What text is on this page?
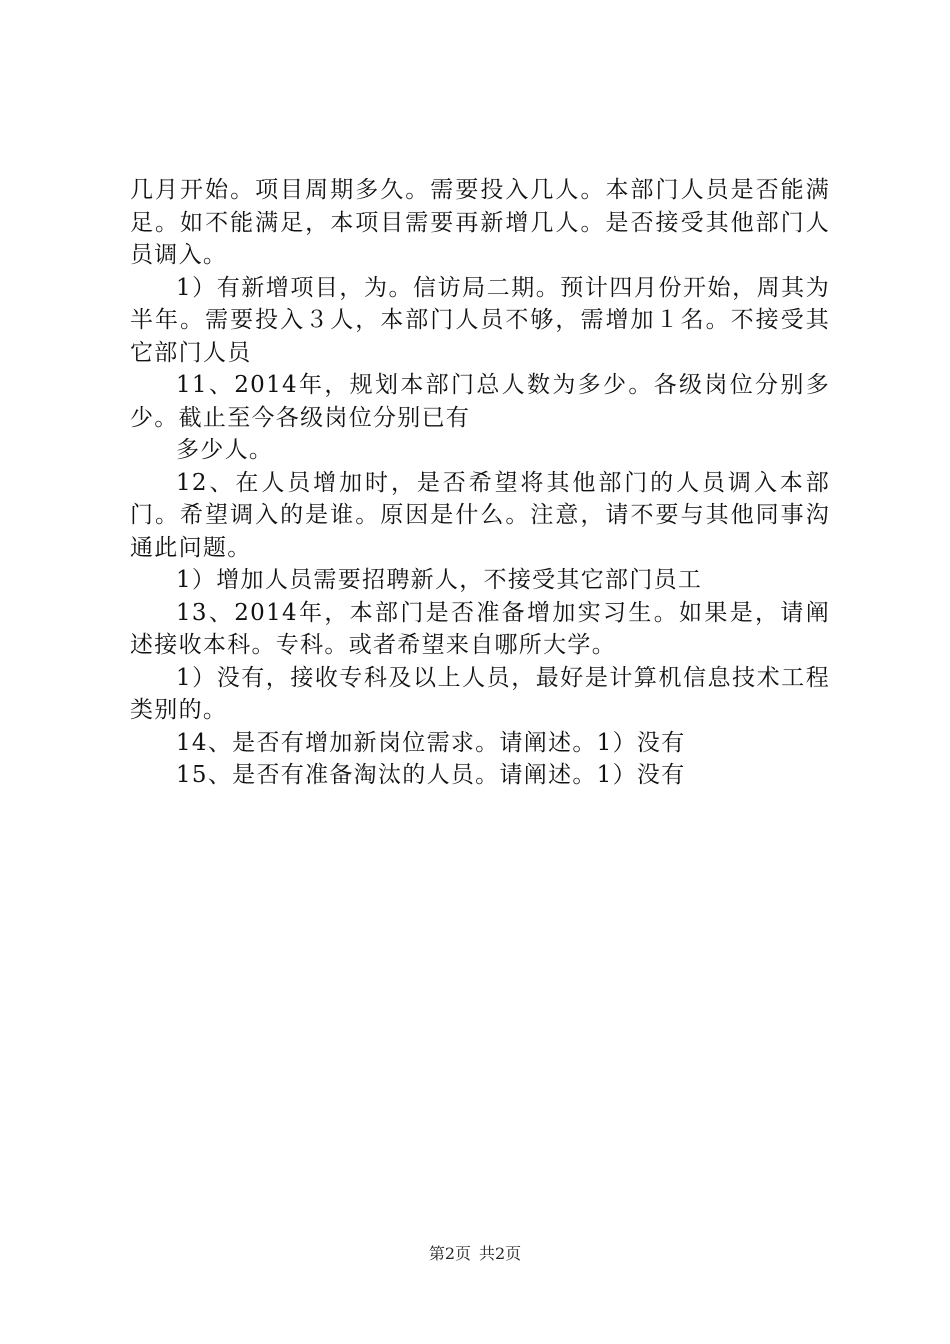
几月开始。项目周期多久。需要投入几人。本部门人员是否能满足。如不能满足，本项目需要再新增几人。是否接受其他部门人员调入。

1）有新增项目，为。信访局二期。预计四月份开始，周其为半年。需要投入３人，本部门人员不够，需增加１名。不接受其它部门人员

11、2014年，规划本部门总人数为多少。各级岗位分别多少。截止至今各级岗位分别已有

多少人。

12、在人员增加时，是否希望将其他部门的人员调入本部门。希望调入的是谁。原因是什么。注意，请不要与其他同事沟通此问题。

1）增加人员需要招聘新人，不接受其它部门员工

13、2014年，本部门是否准备增加实习生。如果是，请阐述接收本科。专科。或者希望来自哪所大学。

1）没有，接收专科及以上人员，最好是计算机信息技术工程类别的。

14、是否有增加新岗位需求。请阐述。1）没有

15、是否有准备淘汰的人员。请阐述。1）没有

第2页 共2页
